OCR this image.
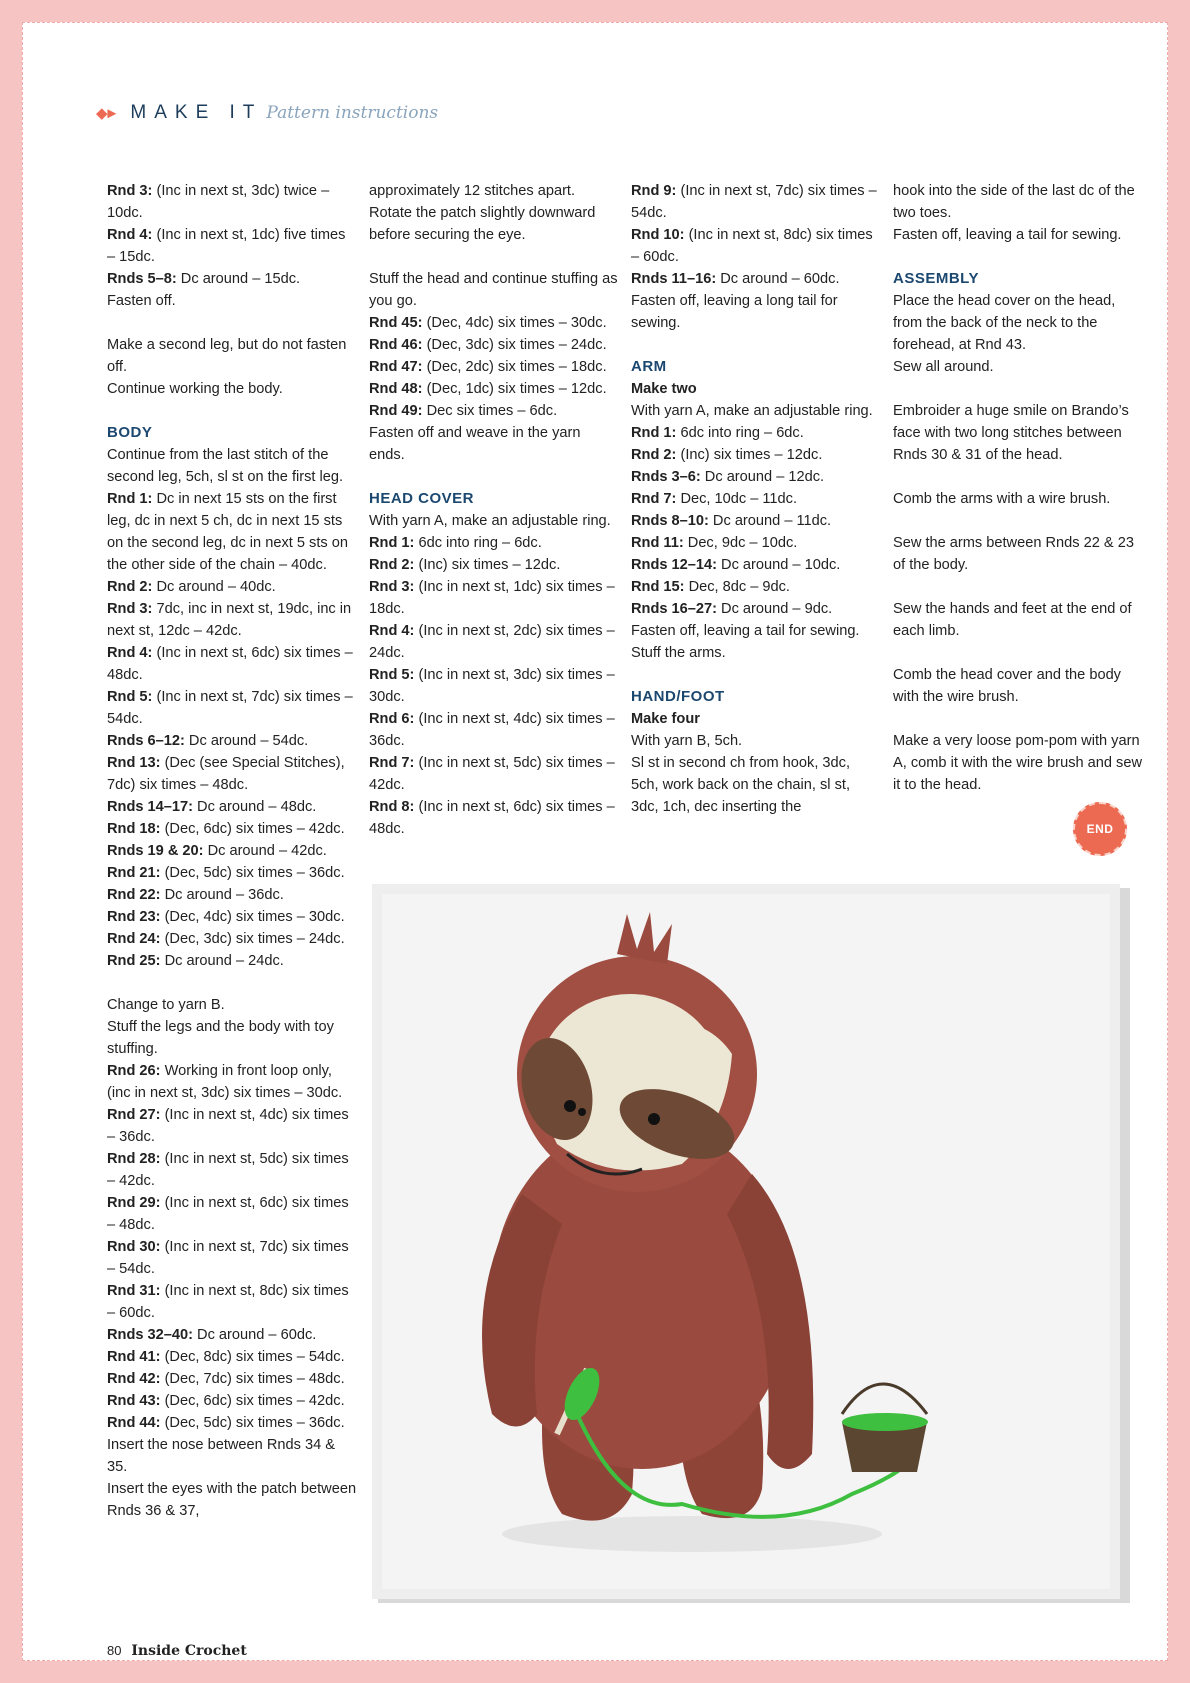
◆► MAKE IT Pattern instructions

Rnd 3: (Inc in next st, 3dc) twice – 10dc.

Rnd 4: (Inc in next st, 1dc) five times – 15dc.

Rnds 5–8: Dc around – 15dc.

Fasten off.

Make a second leg, but do not fasten off.

Continue working the body.

BODY

Continue from the last stitch of the second leg, 5ch, sl st on the first leg.

Rnd 1: Dc in next 15 sts on the first leg, dc in next 5 ch, dc in next 15 sts on the second leg, dc in next 5 sts on the other side of the chain – 40dc.

Rnd 2: Dc around – 40dc.

Rnd 3: 7dc, inc in next st, 19dc, inc in next st, 12dc – 42dc.

Rnd 4: (Inc in next st, 6dc) six times – 48dc.

Rnd 5: (Inc in next st, 7dc) six times – 54dc.

Rnds 6–12: Dc around – 54dc.

Rnd 13: (Dec (see Special Stitches), 7dc) six times – 48dc.

Rnds 14–17: Dc around – 48dc.

Rnd 18: (Dec, 6dc) six times – 42dc.

Rnds 19 & 20: Dc around – 42dc.

Rnd 21: (Dec, 5dc) six times – 36dc.

Rnd 22: Dc around – 36dc.

Rnd 23: (Dec, 4dc) six times – 30dc.

Rnd 24: (Dec, 3dc) six times – 24dc.

Rnd 25: Dc around – 24dc.

Change to yarn B.

Stuff the legs and the body with toy stuffing.

Rnd 26: Working in front loop only, (inc in next st, 3dc) six times – 30dc.

Rnd 27: (Inc in next st, 4dc) six times – 36dc.

Rnd 28: (Inc in next st, 5dc) six times – 42dc.

Rnd 29: (Inc in next st, 6dc) six times – 48dc.

Rnd 30: (Inc in next st, 7dc) six times – 54dc.

Rnd 31: (Inc in next st, 8dc) six times – 60dc.

Rnds 32–40: Dc around – 60dc.

Rnd 41: (Dec, 8dc) six times – 54dc.

Rnd 42: (Dec, 7dc) six times – 48dc.

Rnd 43: (Dec, 6dc) six times – 42dc.

Rnd 44: (Dec, 5dc) six times – 36dc.

Insert the nose between Rnds 34 & 35.

Insert the eyes with the patch between Rnds 36 & 37,

approximately 12 stitches apart. Rotate the patch slightly downward before securing the eye.

Stuff the head and continue stuffing as you go.

Rnd 45: (Dec, 4dc) six times – 30dc.

Rnd 46: (Dec, 3dc) six times – 24dc.

Rnd 47: (Dec, 2dc) six times – 18dc.

Rnd 48: (Dec, 1dc) six times – 12dc.

Rnd 49: Dec six times – 6dc.

Fasten off and weave in the yarn ends.

HEAD COVER

With yarn A, make an adjustable ring.

Rnd 1: 6dc into ring – 6dc.

Rnd 2: (Inc) six times – 12dc.

Rnd 3: (Inc in next st, 1dc) six times – 18dc.

Rnd 4: (Inc in next st, 2dc) six times – 24dc.

Rnd 5: (Inc in next st, 3dc) six times – 30dc.

Rnd 6: (Inc in next st, 4dc) six times – 36dc.

Rnd 7: (Inc in next st, 5dc) six times – 42dc.

Rnd 8: (Inc in next st, 6dc) six times – 48dc.

Rnd 9: (Inc in next st, 7dc) six times – 54dc.

Rnd 10: (Inc in next st, 8dc) six times – 60dc.

Rnds 11–16: Dc around – 60dc.

Fasten off, leaving a long tail for sewing.

ARM

Make two

With yarn A, make an adjustable ring.

Rnd 1: 6dc into ring – 6dc.

Rnd 2: (Inc) six times – 12dc.

Rnds 3–6: Dc around – 12dc.

Rnd 7: Dec, 10dc – 11dc.

Rnds 8–10: Dc around – 11dc.

Rnd 11: Dec, 9dc – 10dc.

Rnds 12–14: Dc around – 10dc.

Rnd 15: Dec, 8dc – 9dc.

Rnds 16–27: Dc around – 9dc.

Fasten off, leaving a tail for sewing.

Stuff the arms.

HAND/FOOT

Make four

With yarn B, 5ch.

Sl st in second ch from hook, 3dc, 5ch, work back on the chain, sl st, 3dc, 1ch, dec inserting the

hook into the side of the last dc of the two toes.

Fasten off, leaving a tail for sewing.

ASSEMBLY

Place the head cover on the head, from the back of the neck to the forehead, at Rnd 43.

Sew all around.

Embroider a huge smile on Brando’s face with two long stitches between Rnds 30 & 31 of the head.

Comb the arms with a wire brush.

Sew the arms between Rnds 22 & 23 of the body.

Sew the hands and feet at the end of each limb.

Comb the head cover and the body with the wire brush.

Make a very loose pom-pom with yarn A, comb it with the wire brush and sew it to the head.

END
80 Inside Crochet
